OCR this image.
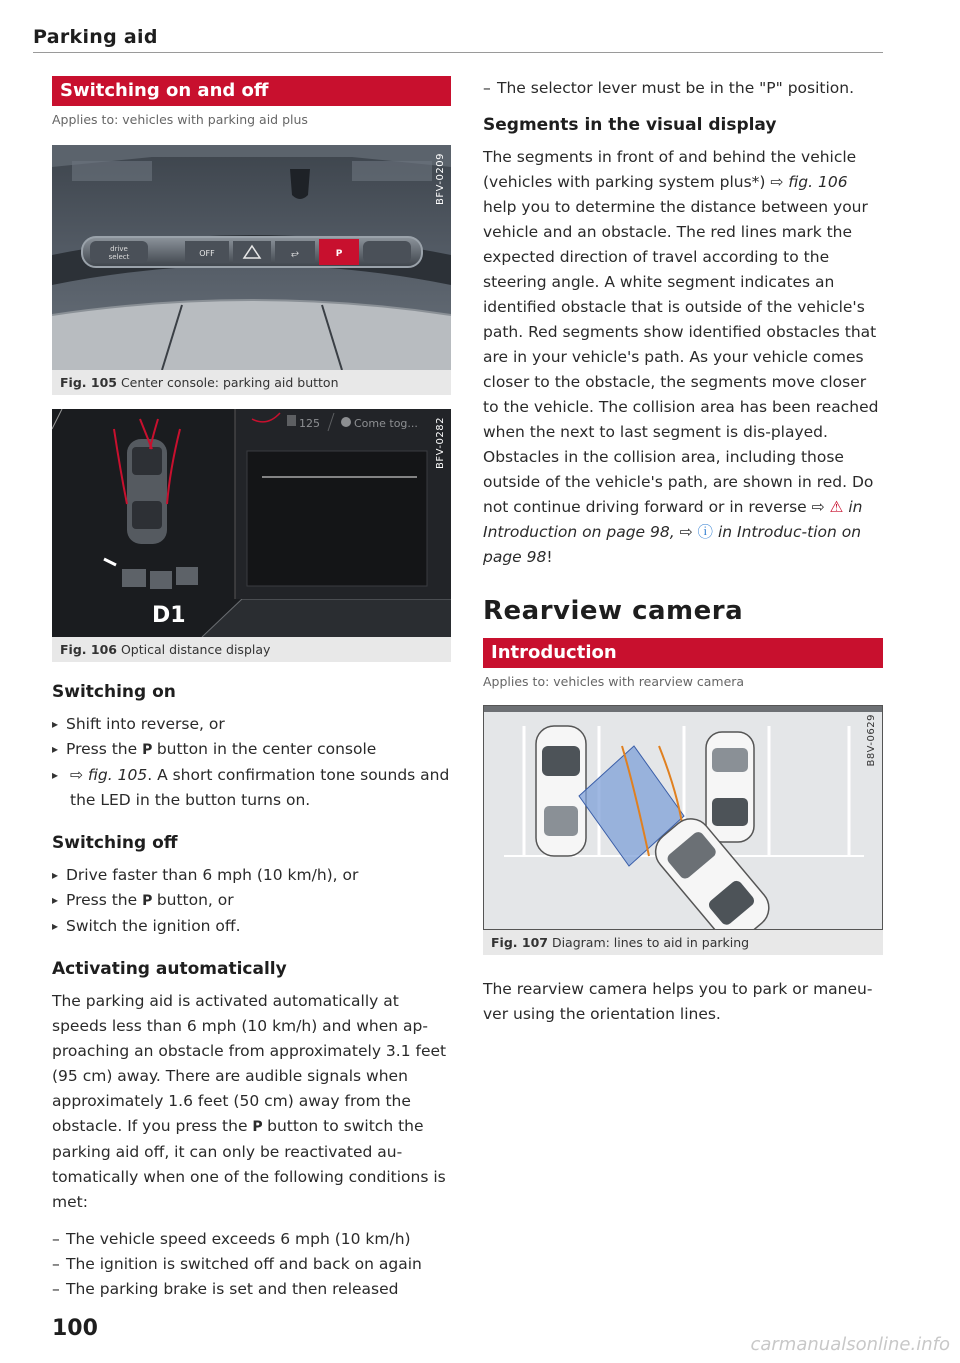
Parking aid
Switching on and off
Applies to: vehicles with parking aid plus
drive
select	OFF	⥂	P
BFV-0209
Fig. 105 Center console: parking aid button
125	Come tog...
D1
BFV-0282
Fig. 106 Optical distance display
Switching on
▸ Shift into reverse, or
▸ Press the P button in the center console
▸ ⇨ fig. 105. A short confirmation tone sounds and the LED in the button turns on.
Switching off
▸ Drive faster than 6 mph (10 km/h), or
▸ Press the P button, or
▸ Switch the ignition off.
Activating automatically

The parking aid is activated automatically at speeds less than 6 mph (10 km/h) and when ap-proaching an obstacle from approximately 3.1 feet (95 cm) away. There are audible signals when approximately 1.6 feet (50 cm) away from the obstacle. If you press the P button to switch the parking aid off, it can only be reactivated au-tomatically when one of the following conditions is met:

– The vehicle speed exceeds 6 mph (10 km/h)
– The ignition is switched off and back on again
– The parking brake is set and then released
– The selector lever must be in the "P" position.
Segments in the visual display

The segments in front of and behind the vehicle (vehicles with parking system plus*) ⇨ fig. 106 help you to determine the distance between your vehicle and an obstacle. The red lines mark the expected direction of travel according to the steering angle. A white segment indicates an identified obstacle that is outside of the vehicle's path. Red segments show identified obstacles that are in your vehicle's path. As your vehicle comes closer to the obstacle, the segments move closer to the vehicle. The collision area has been reached when the next to last segment is dis-played. Obstacles in the collision area, including those outside of the vehicle's path, are shown in red. Do not continue driving forward or in reverse ⇨ ⚠ in Introduction on page 98, ⇨ ⓘ in Introduc-tion on page 98!

Rearview camera
Introduction
Applies to: vehicles with rearview camera
B8V-0629
Fig. 107 Diagram: lines to aid in parking

The rearview camera helps you to park or maneu-ver using the orientation lines.

100
carmanualsonline.info
